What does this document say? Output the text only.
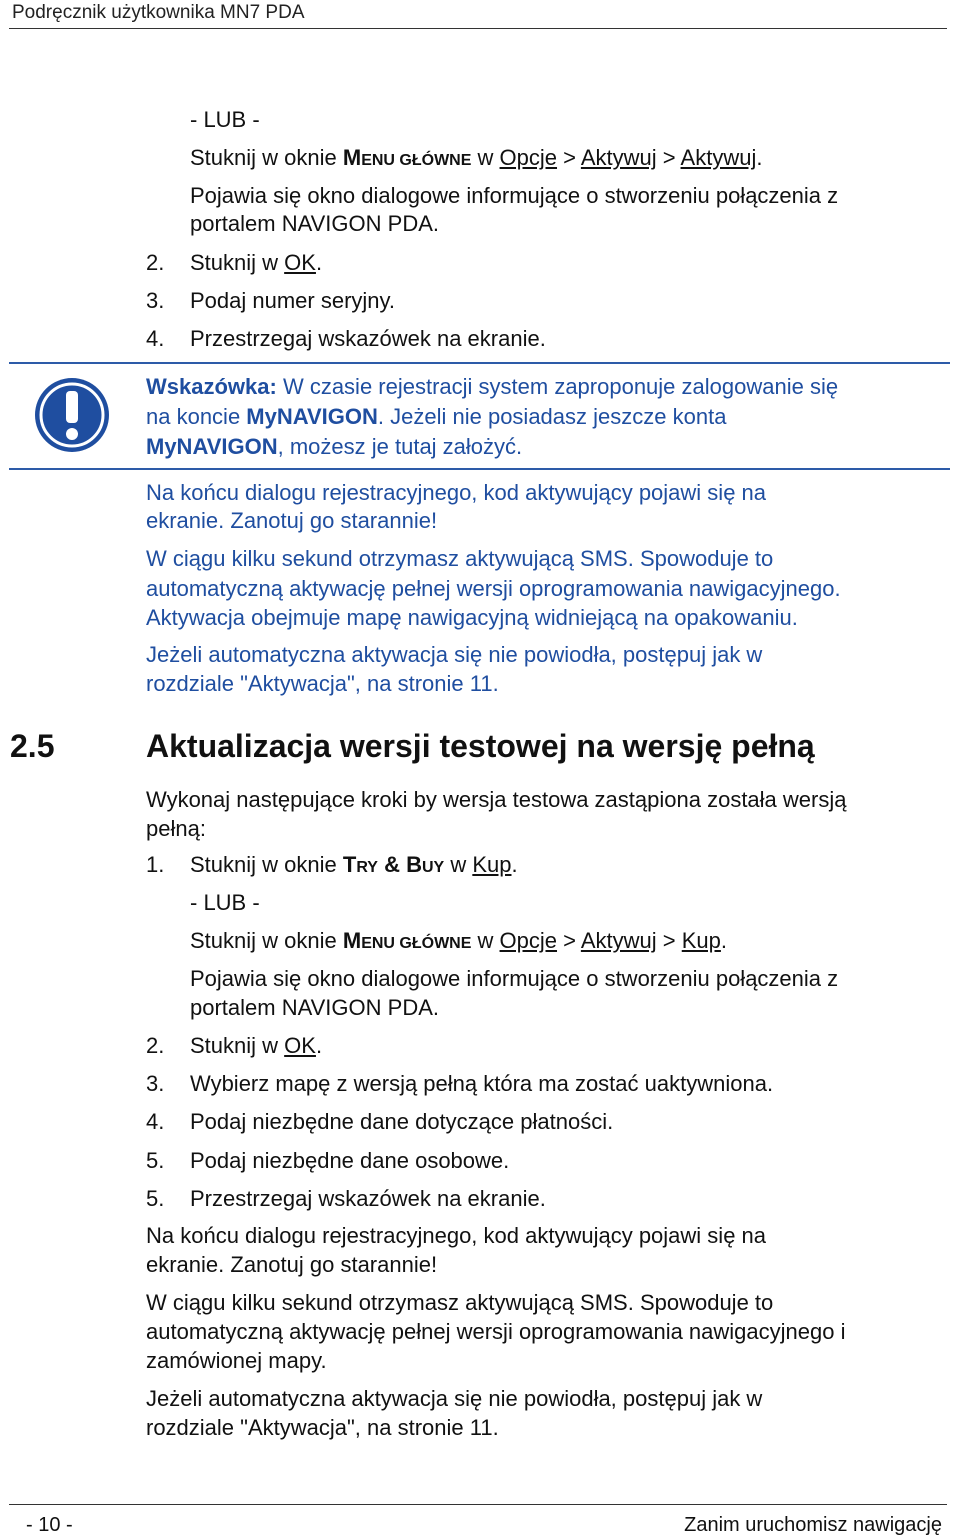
Podręcznik użytkownika MN7 PDA
- LUB -
Stuknij w oknie MENU GŁÓWNE w Opcje > Aktywuj > Aktywuj.
Pojawia się okno dialogowe informujące o stworzeniu połączenia z
portalem NAVIGON PDA.
2. Stuknij w OK.
3. Podaj numer seryjny.
4. Przestrzegaj wskazówek na ekranie.
Wskazówka: W czasie rejestracji system zaproponuje zalogowanie się
na koncie MyNAVIGON. Jeżeli nie posiadasz jeszcze konta
MyNAVIGON, możesz je tutaj założyć.
Na końcu dialogu rejestracyjnego, kod aktywujący pojawi się na
ekranie. Zanotuj go starannie!
W ciągu kilku sekund otrzymasz aktywującą SMS. Spowoduje to
automatyczną aktywację pełnej wersji oprogramowania nawigacyjnego.
Aktywacja obejmuje mapę nawigacyjną widniejącą na opakowaniu.
Jeżeli automatyczna aktywacja się nie powiodła, postępuj jak w
rozdziale "Aktywacja", na stronie 11.
2.5	Aktualizacja wersji testowej na wersję pełną
Wykonaj następujące kroki by wersja testowa zastąpiona została wersją
pełną:
1. Stuknij w oknie TRY & BUY w Kup.
- LUB -
Stuknij w oknie MENU GŁÓWNE w Opcje > Aktywuj > Kup.
Pojawia się okno dialogowe informujące o stworzeniu połączenia z
portalem NAVIGON PDA.
2. Stuknij w OK.
3. Wybierz mapę z wersją pełną która ma zostać uaktywniona.
4. Podaj niezbędne dane dotyczące płatności.
5. Podaj niezbędne dane osobowe.
5. Przestrzegaj wskazówek na ekranie.
Na końcu dialogu rejestracyjnego, kod aktywujący pojawi się na
ekranie. Zanotuj go starannie!
W ciągu kilku sekund otrzymasz aktywującą SMS. Spowoduje to
automatyczną aktywację pełnej wersji oprogramowania nawigacyjnego i
zamówionej mapy.
Jeżeli automatyczna aktywacja się nie powiodła, postępuj jak w
rozdziale "Aktywacja", na stronie 11.
- 10 -	Zanim uruchomisz nawigację
